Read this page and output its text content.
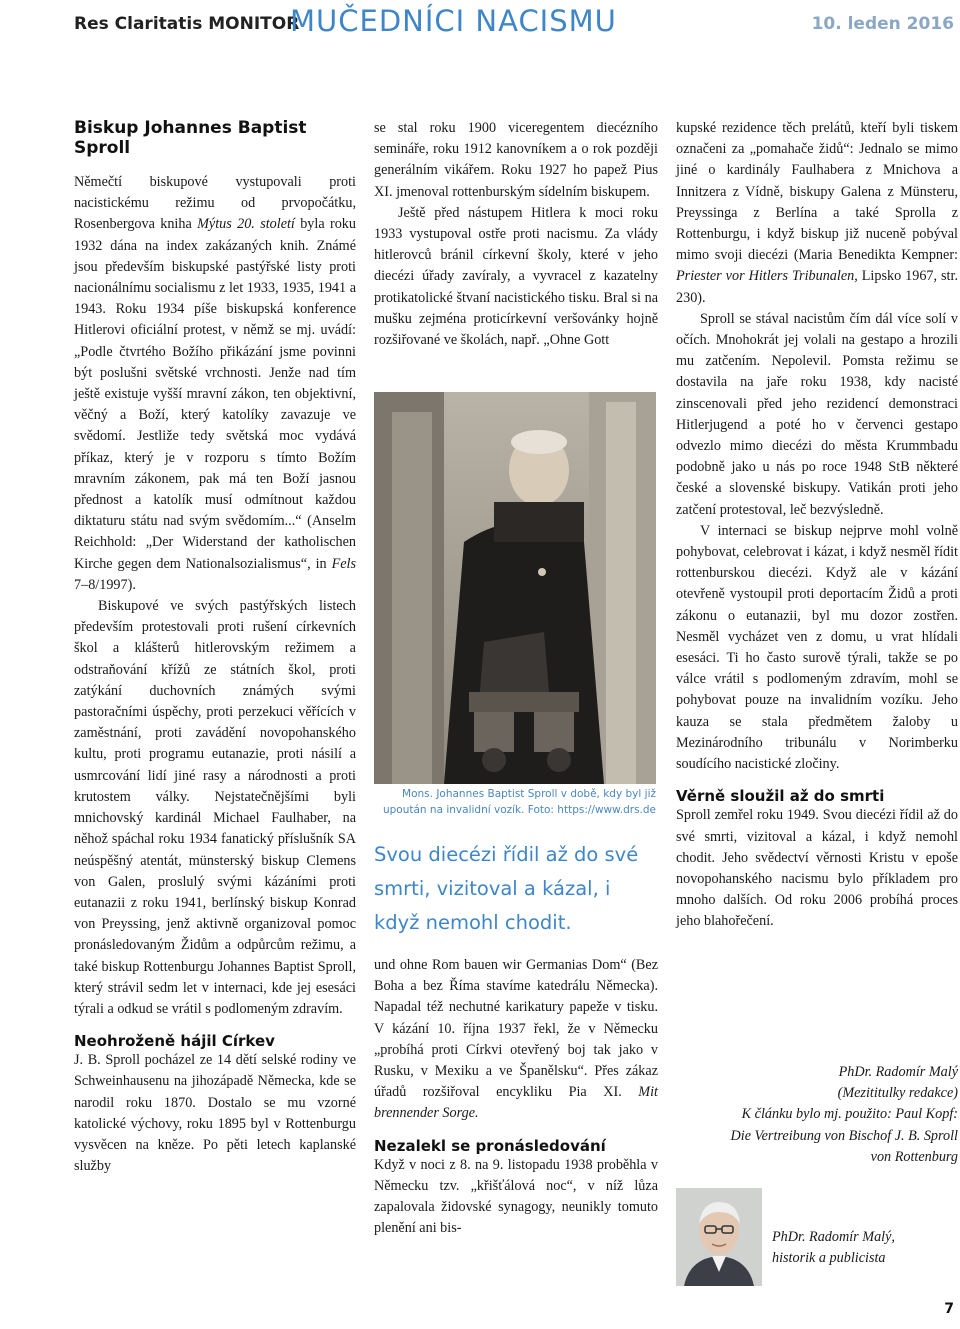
Res Claritatis MONITOR
MUČEDNÍCI NACISMU	10. leden 2016
Biskup Johannes Baptist Sproll

Němečtí biskupové vystupovali proti nacistickému režimu od prvopočátku, Rosenbergova kniha Mýtus 20. století byla roku 1932 dána na index zakázaných knih. Známé jsou především biskupské pastýřské listy proti nacionálnímu socialismu z let 1933, 1935, 1941 a 1943. Roku 1934 píše biskupská konference Hitlerovi oficiální protest, v němž se mj. uvádí: „Podle čtvrtého Božího přikázání jsme povinni být poslušni světské vrchnosti. Jenže nad tím ještě existuje vyšší mravní zákon, ten objektivní, věčný a Boží, který katolíky zavazuje ve svědomí. Jestliže tedy světská moc vydává příkaz, který je v rozporu s tímto Božím mravním zákonem, pak má ten Boží jasnou přednost a katolík musí odmítnout každou diktaturu státu nad svým svědomím...“ (Anselm Reichhold: „Der Widerstand der katholischen Kirche gegen dem Nationalsozialismus“, in Fels 7–8/1997).

Biskupové ve svých pastýřských listech především protestovali proti rušení církevních škol a klášterů hitlerovským režimem a odstraňování křížů ze státních škol, proti zatýkání duchovních známých svými pastoračními úspěchy, proti perzekuci věřících v zaměstnání, proti zavádění novopohanského kultu, proti programu eutanazie, proti násilí a usmrcování lidí jiné rasy a národnosti a proti krutostem války. Nejstatečnějšími byli mnichovský kardinál Michael Faulhaber, na něhož spáchal roku 1934 fanatický příslušník SA neúspěšný atentát, münsterský biskup Clemens von Galen, proslulý svými kázáními proti eutanazii z roku 1941, berlínský biskup Konrad von Preyssing, jenž aktivně organizoval pomoc pronásledovaným Židům a odpůrcům režimu, a také biskup Rottenburgu Johannes Baptist Sproll, který strávil sedm let v internaci, kde jej esesáci týrali a odkud se vrátil s podlomeným zdravím.

Neohroženě hájil Církev

J. B. Sproll pocházel ze 14 dětí selské rodiny ve Schweinhausenu na jihozápadě Německa, kde se narodil roku 1870. Dostalo se mu vzorné katolické výchovy, roku 1895 byl v Rottenburgu vysvěcen na kněze. Po pěti letech kaplanské služby

se stal roku 1900 viceregentem diecézního semináře, roku 1912 kanovníkem a o rok později generálním vikářem. Roku 1927 ho papež Pius XI. jmenoval rottenburským sídelním biskupem.

Ještě před nástupem Hitlera k moci roku 1933 vystupoval ostře proti nacismu. Za vlády hitlerovců bránil církevní školy, které v jeho diecézi úřady zavíraly, a vyvracel z kazatelny protikatolické štvaní nacistického tisku. Bral si na mušku zejména proticírkevní veršovánky hojně rozšiřované ve školách, např. „Ohne Gott

Mons. Johannes Baptist Sproll v době, kdy byl již upoután na invalidní vozík. Foto: https://www.drs.de
Svou diecézi řídil až do své smrti, vizitoval a kázal, i když nemohl chodit.

und ohne Rom bauen wir Germanias Dom“ (Bez Boha a bez Říma stavíme katedrálu Německa). Napadal též nechutné karikatury papeže v tisku. V kázání 10. října 1937 řekl, že v Německu „probíhá proti Církvi otevřený boj tak jako v Rusku, v Mexiku a ve Španělsku“. Přes zákaz úřadů rozšiřoval encykliku Pia XI. Mit brennender Sorge.

Nezalekl se pronásledování

Když v noci z 8. na 9. listopadu 1938 proběhla v Německu tzv. „křišťálová noc“, v níž lůza zapalovala židovské synagogy, neunikly tomuto plenění ani bis-

kupské rezidence těch prelátů, kteří byli tiskem označeni za „pomahače židů“: Jednalo se mimo jiné o kardinály Faulhabera z Mnichova a Innitzera z Vídně, biskupy Galena z Münsteru, Preyssinga z Berlína a také Sprolla z Rottenburgu, i když biskup již nuceně pobýval mimo svoji diecézi (Maria Benedikta Kempner: Priester vor Hitlers Tribunalen, Lipsko 1967, str. 230).

Sproll se stával nacistům čím dál více solí v očích. Mnohokrát jej volali na gestapo a hrozili mu zatčením. Nepolevil. Pomsta režimu se dostavila na jaře roku 1938, kdy nacisté zinscenovali před jeho rezidencí demonstraci Hitlerjugend a poté ho v červenci gestapo odvezlo mimo diecézi do města Krummbadu podobně jako u nás po roce 1948 StB některé české a slovenské biskupy. Vatikán proti jeho zatčení protestoval, leč bezvýsledně.

V internaci se biskup nejprve mohl volně pohybovat, celebrovat i kázat, i když nesměl řídit rottenburskou diecézi. Když ale v kázání otevřeně vystoupil proti deportacím Židů a proti zákonu o eutanazii, byl mu dozor zostřen. Nesměl vycházet ven z domu, u vrat hlídali esesáci. Ti ho často surově týrali, takže se po válce vrátil s podlomeným zdravím, mohl se pohybovat pouze na invalidním vozíku. Jeho kauza se stala předmětem žaloby u Mezinárodního tribunálu v Norimberku soudícího nacistické zločiny.

Věrně sloužil až do smrti

Sproll zemřel roku 1949. Svou diecézi řídil až do své smrti, vizitoval a kázal, i když nemohl chodit. Jeho svědectví věrnosti Kristu v epoše novopohanského nacismu bylo příkladem pro mnoho dalších. Od roku 2006 probíhá proces jeho blahořečení.

PhDr. Radomír Malý
(Mezititulky redakce)
K článku bylo mj. použito: Paul Kopf:
Die Vertreibung von Bischof J. B. Sproll
von Rottenburg
PhDr. Radomír Malý,
historik a publicista
7
